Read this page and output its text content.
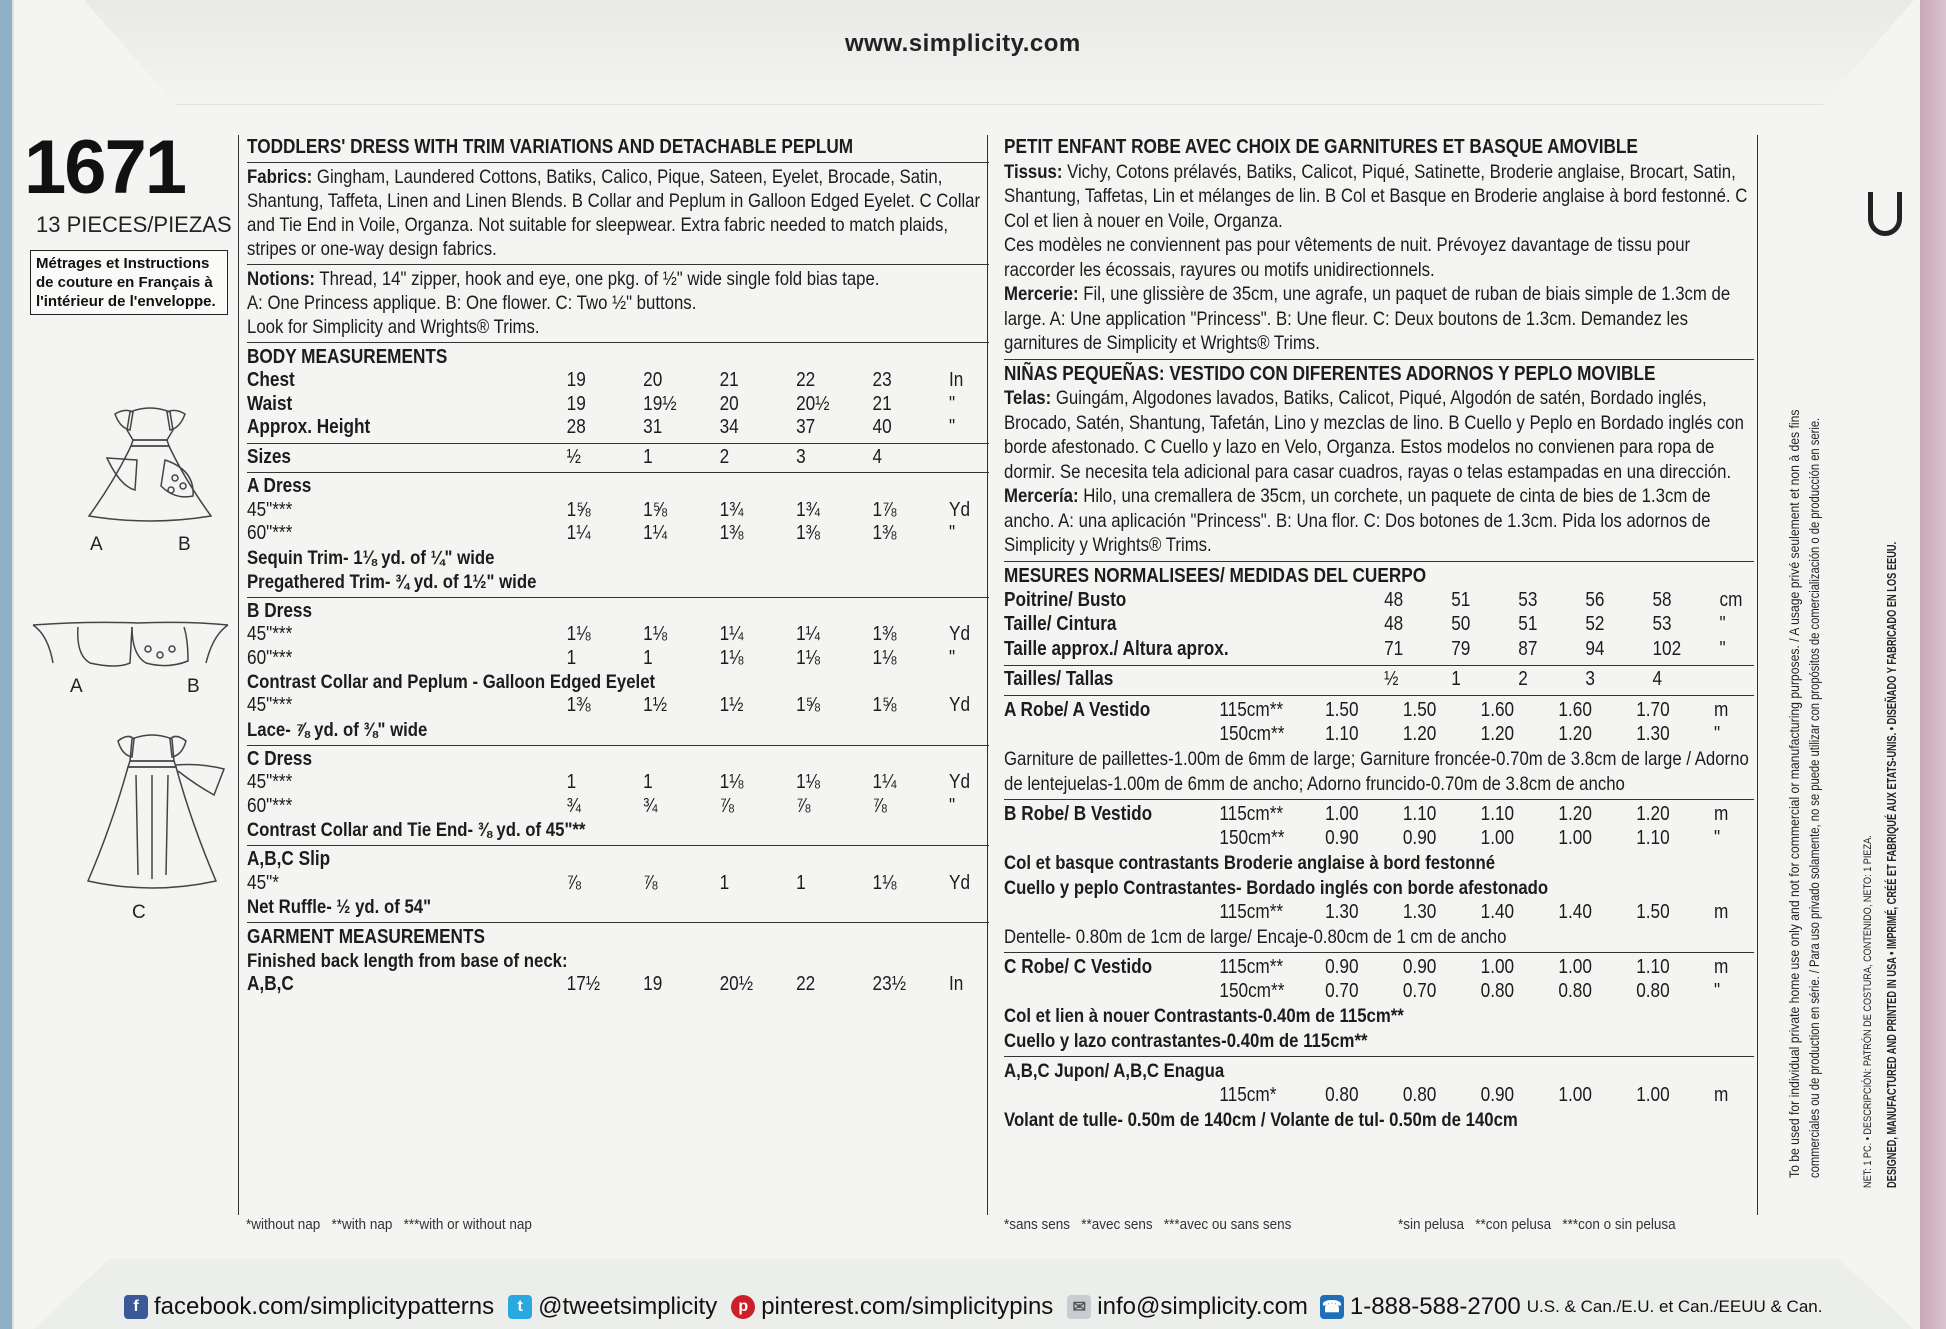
www.simplicity.com
1671
13 PIECES/PIEZAS
Métrages et Instructions de couture en Français à l'intérieur de l'enveloppe.
A	B
A	B
C
TODDLERS' DRESS WITH TRIM VARIATIONS AND DETACHABLE PEPLUM
Fabrics: Gingham, Laundered Cottons, Batiks, Calico, Pique, Sateen, Eyelet, Brocade, Satin, Shantung, Taffeta, Linen and Linen Blends. B Collar and Peplum in Galloon Edged Eyelet. C Collar and Tie End in Voile, Organza. Not suitable for sleepwear. Extra fabric needed to match plaids, stripes or one-way design fabrics.
Notions: Thread, 14" zipper, hook and eye, one pkg. of ½" wide single fold bias tape.
A: One Princess applique. B: One flower. C: Two ½" buttons.
Look for Simplicity and Wrights® Trims.
BODY MEASUREMENTS
Chest	19	20	21	22	23	In
Waist	19	19½	20	20½	21	"
Approx. Height	28	31	34	37	40	"
Sizes	½	1	2	3	4	
A Dress						
45"***	1⅝	1⅝	1¾	1¾	1⅞	Yd
60"***	1¼	1¼	1⅜	1⅜	1⅜	"
Sequin Trim- 1⅛ yd. of ¼" wide
Pregathered Trim- ¾ yd. of 1½" wide
B Dress						
45"***	1⅛	1⅛	1¼	1¼	1⅜	Yd
60"***	1	1	1⅛	1⅛	1⅛	"
Contrast Collar and Peplum - Galloon Edged Eyelet
45"***	1⅜	1½	1½	1⅝	1⅝	Yd
Lace- ⅞ yd. of ⅜" wide
C Dress						
45"***	1	1	1⅛	1⅛	1¼	Yd
60"***	¾	¾	⅞	⅞	⅞	"
Contrast Collar and Tie End- ⅜ yd. of 45"**
A,B,C Slip						
45"*	⅞	⅞	1	1	1⅛	Yd
Net Ruffle- ½ yd. of 54"
GARMENT MEASUREMENTS
Finished back length from base of neck:
A,B,C	17½	19	20½	22	23½	In
*without nap   **with nap   ***with or without nap
PETIT ENFANT ROBE AVEC CHOIX DE GARNITURES ET BASQUE AMOVIBLE
Tissus: Vichy, Cotons prélavés, Batiks, Calicot, Piqué, Satinette, Broderie anglaise, Brocart, Satin, Shantung, Taffetas, Lin et mélanges de lin. B Col et Basque en Broderie anglaise à bord festonné. C Col et lien à nouer en Voile, Organza.
Ces modèles ne conviennent pas pour vêtements de nuit. Prévoyez davantage de tissu pour raccorder les écossais, rayures ou motifs unidirectionnels.
Mercerie: Fil, une glissière de 35cm, une agrafe, un paquet de ruban de biais simple de 1.3cm de large. A: Une application "Princess". B: Une fleur. C: Deux boutons de 1.3cm. Demandez les garnitures de Simplicity et Wrights® Trims.
NIÑAS PEQUEÑAS: VESTIDO CON DIFERENTES ADORNOS Y PEPLO MOVIBLE
Telas: Guingám, Algodones lavados, Batiks, Calicot, Piqué, Algodón de satén, Bordado inglés, Brocado, Satén, Shantung, Tafetán, Lino y mezclas de lino. B Cuello y Peplo en Bordado inglés con borde afestonado. C Cuello y lazo en Velo, Organza. Estos modelos no convienen para ropa de dormir. Se necesita tela adicional para casar cuadros, rayas o telas estampadas en una dirección.
Mercería: Hilo, una cremallera de 35cm, un corchete, un paquete de cinta de bies de 1.3cm de ancho. A: una aplicación "Princess". B: Una flor. C: Dos botones de 1.3cm. Pida los adornos de Simplicity y Wrights® Trims.
MESURES NORMALISEES/ MEDIDAS DEL CUERPO
Poitrine/ Busto	48	51	53	56	58	cm
Taille/ Cintura	48	50	51	52	53	"
Taille approx./ Altura aprox.	71	79	87	94	102	"
Tailles/ Tallas	½	1	2	3	4	
A Robe/ A Vestido	115cm**	1.50	1.50	1.60	1.60	1.70	m
	150cm**	1.10	1.20	1.20	1.20	1.30	"
Garniture de paillettes-1.00m de 6mm de large; Garniture froncée-0.70m de 3.8cm de large / Adorno de lentejuelas-1.00m de 6mm de ancho; Adorno fruncido-0.70m de 3.8cm de ancho
B Robe/ B Vestido	115cm**	1.00	1.10	1.10	1.20	1.20	m
	150cm**	0.90	0.90	1.00	1.00	1.10	"
Col et basque contrastants Broderie anglaise à bord festonné
Cuello y peplo Contrastantes- Bordado inglés con borde afestonado
	115cm**	1.30	1.30	1.40	1.40	1.50	m
Dentelle- 0.80m de 1cm de large/ Encaje-0.80cm de 1 cm de ancho
C Robe/ C Vestido	115cm**	0.90	0.90	1.00	1.00	1.10	m
	150cm**	0.70	0.70	0.80	0.80	0.80	"
Col et lien à nouer Contrastants-0.40m de 115cm**
Cuello y lazo contrastantes-0.40m de 115cm**
A,B,C Jupon/ A,B,C Enagua
	115cm*	0.80	0.80	0.90	1.00	1.00	m
Volant de tulle- 0.50m de 140cm / Volante de tul- 0.50m de 140cm
*sans sens   **avec sens   ***avec ou sans sens	*sin pelusa   **con pelusa   ***con o sin pelusa
To be used for individual private home use only and not for commercial or manufacturing purposes. / A usage privé seulement et non à des fins commerciales ou de production en série. / Para uso privado solamente, no se puede utilizar con propósitos de comercialización o de producción en serie.	NET: 1 PC. • DESCRIPCIÓN: PATRÓN DE COSTURA, CONTENIDO, NETO: 1 PIEZA. DESIGNED, MANUFACTURED AND PRINTED IN USA • IMPRIMÉ, CRÉÉ ET FABRIQUÉ AUX ETATS-UNIS. • DISEÑADO Y FABRICADO EN LOS EEUU.
f facebook.com/simplicitypatterns	t @tweetsimplicity	p pinterest.com/simplicitypins	✉ info@simplicity.com ☎ 1-888-588-2700 U.S. & Can./E.U. et Can./EEUU & Can.
